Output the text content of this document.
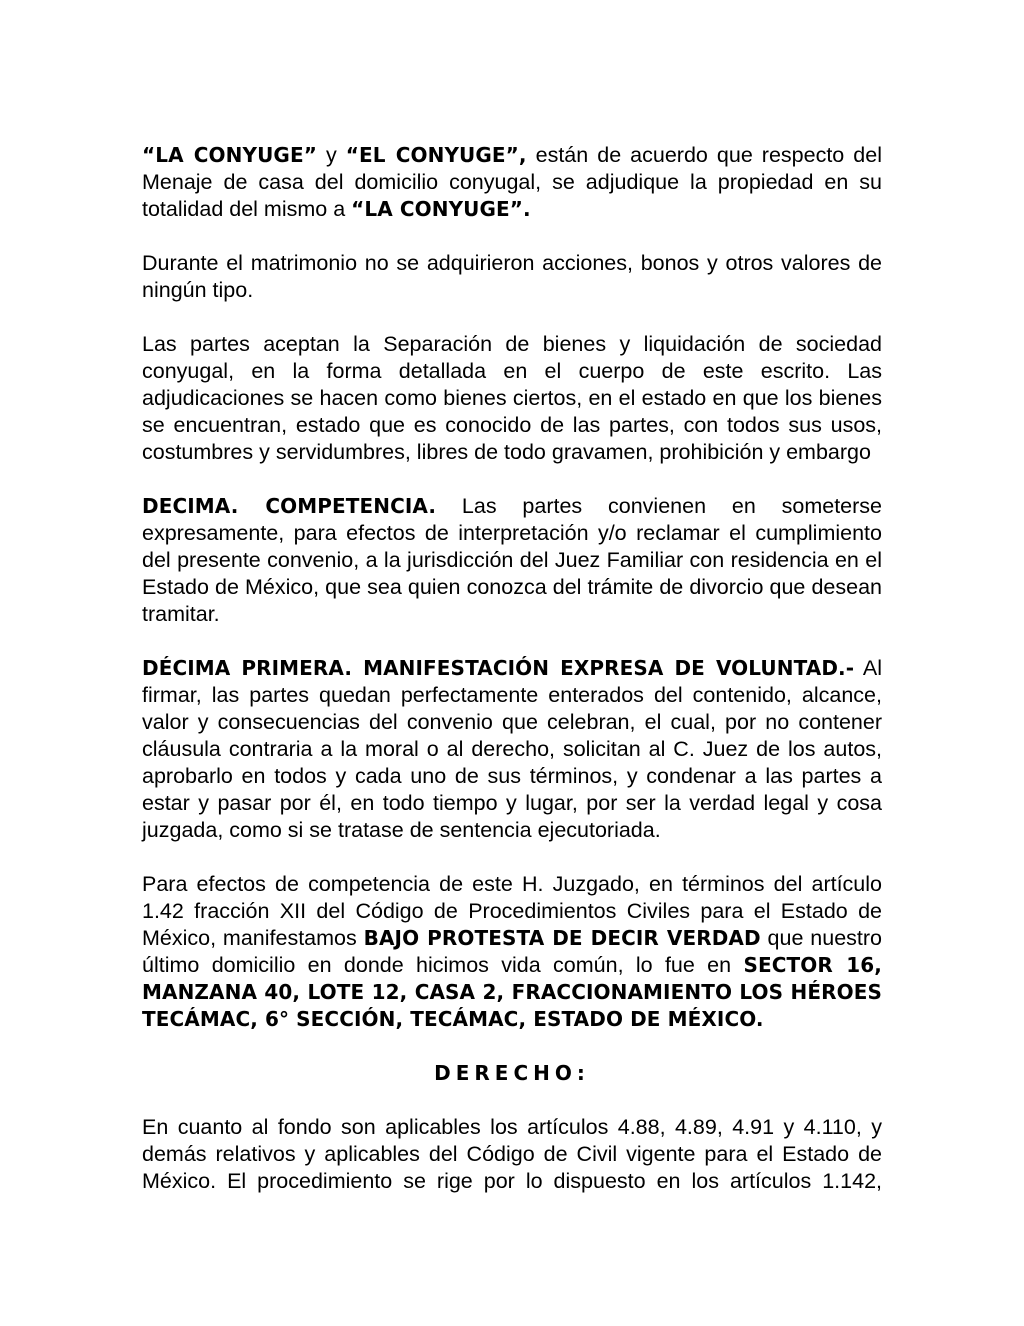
“LA CONYUGE” y “EL CONYUGE”, están de acuerdo que respecto del Menaje de casa del domicilio conyugal, se adjudique la propiedad en su totalidad del mismo a “LA CONYUGE”.

Durante el matrimonio no se adquirieron acciones, bonos y otros valores de ningún tipo.

Las partes aceptan la Separación de bienes y liquidación de sociedad conyugal, en la forma detallada en el cuerpo de este escrito. Las adjudicaciones se hacen como bienes ciertos, en el estado en que los bienes se encuentran, estado que es conocido de las partes, con todos sus usos, costumbres y servidumbres, libres de todo gravamen, prohibición y embargo

DECIMA. COMPETENCIA. Las partes convienen en someterse expresamente, para efectos de interpretación y/o reclamar el cumplimiento del presente convenio, a la jurisdicción del Juez Familiar con residencia en el Estado de México, que sea quien conozca del trámite de divorcio que desean tramitar.

DÉCIMA PRIMERA. MANIFESTACIÓN EXPRESA DE VOLUNTAD.- Al firmar, las partes quedan perfectamente enterados del contenido, alcance, valor y consecuencias del convenio que celebran, el cual, por no contener cláusula contraria a la moral o al derecho, solicitan al C. Juez de los autos, aprobarlo en todos y cada uno de sus términos, y condenar a las partes a estar y pasar por él, en todo tiempo y lugar, por ser la verdad legal y cosa juzgada, como si se tratase de sentencia ejecutoriada.

Para efectos de competencia de este H. Juzgado, en términos del artículo 1.42 fracción XII del Código de Procedimientos Civiles para el Estado de México, manifestamos BAJO PROTESTA DE DECIR VERDAD que nuestro último domicilio en donde hicimos vida común, lo fue en SECTOR 16, MANZANA 40, LOTE 12, CASA 2, FRACCIONAMIENTO LOS HÉROES TECÁMAC, 6° SECCIÓN, TECÁMAC, ESTADO DE MÉXICO.

DERECHO:

En cuanto al fondo son aplicables los artículos 4.88, 4.89, 4.91 y 4.110, y demás relativos y aplicables del Código de Civil vigente para el Estado de México. El procedimiento se rige por lo dispuesto en los artículos 1.142,
